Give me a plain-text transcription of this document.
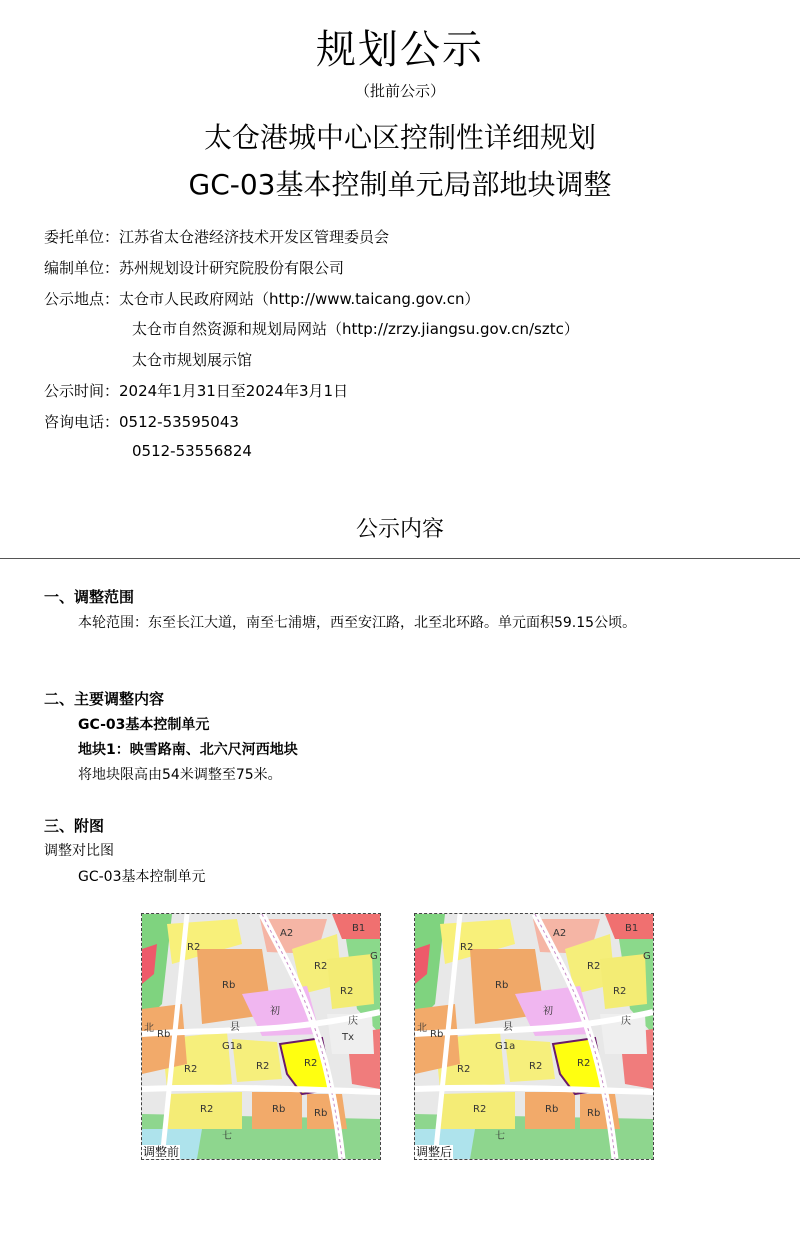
规划公示
（批前公示）
太仓港城中心区控制性详细规划
GC-03基本控制单元局部地块调整
委托单位：江苏省太仓港经济技术开发区管理委员会
编制单位：苏州规划设计研究院股份有限公司
公示地点：太仓市人民政府网站（http://www.taicang.gov.cn）
太仓市自然资源和规划局网站（http://zrzy.jiangsu.gov.cn/sztc）
太仓市规划展示馆
公示时间：2024年1月31日至2024年3月1日
咨询电话：0512-53595043
0512-53556824
公示内容
一、调整范围
本轮范围：东至长江大道，南至七浦塘，西至安江路，北至北环路。单元面积59.15公顷。
二、主要调整内容
GC-03基本控制单元
地块1：映雪路南、北六尺河西地块
将地块限高由54米调整至75米。
三、附图
调整对比图
GC-03基本控制单元
R2
A2
R2
R2
Rb
Rb
初
Tx
B1
G1a
G
R2	R2	R2
R2	Rb	Rb
北
七
庆
县
调整前
R2
A2
R2
R2
Rb
Rb
初
B1
G1a
G
R2	R2	R2
R2	Rb	Rb
北
七
庆
县
调整后
